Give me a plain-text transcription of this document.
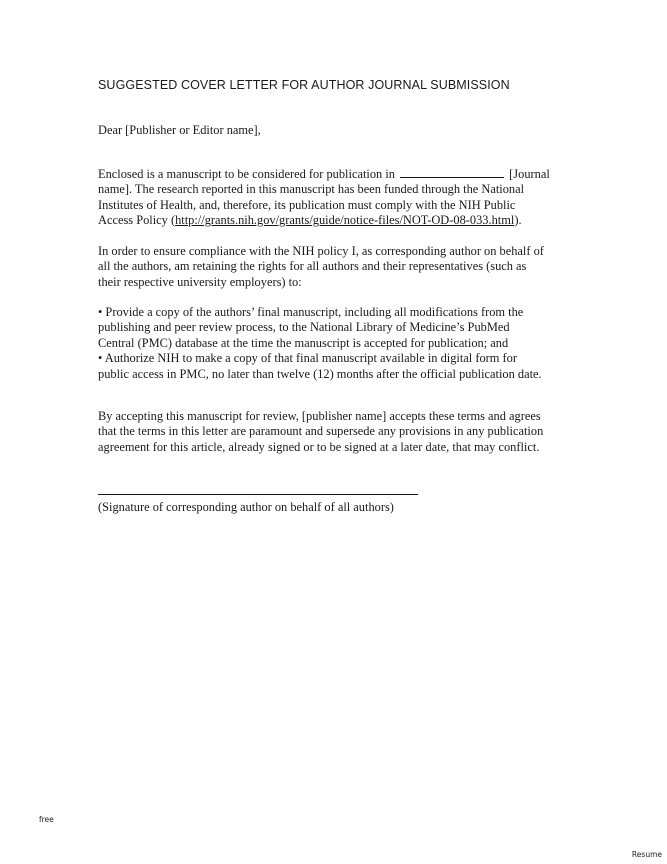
SUGGESTED COVER LETTER FOR AUTHOR JOURNAL SUBMISSION
Dear [Publisher or Editor name],
Enclosed is a manuscript to be considered for publication in	[Journal
name]. The research reported in this manuscript has been funded through the National
Institutes of Health, and, therefore, its publication must comply with the NIH Public
Access Policy (http://grants.nih.gov/grants/guide/notice-files/NOT-OD-08-033.html).
In order to ensure compliance with the NIH policy I, as corresponding author on behalf of
all the authors, am retaining the rights for all authors and their representatives (such as
their respective university employers) to:
• Provide a copy of the authors’ final manuscript, including all modifications from the
publishing and peer review process, to the National Library of Medicine’s PubMed
Central (PMC) database at the time the manuscript is accepted for publication; and
• Authorize NIH to make a copy of that final manuscript available in digital form for
public access in PMC, no later than twelve (12) months after the official publication date.
By accepting this manuscript for review, [publisher name] accepts these terms and agrees
that the terms in this letter are paramount and supersede any provisions in any publication
agreement for this article, already signed or to be signed at a later date, that may conflict.
(Signature of corresponding author on behalf of all authors)
free
Resume
